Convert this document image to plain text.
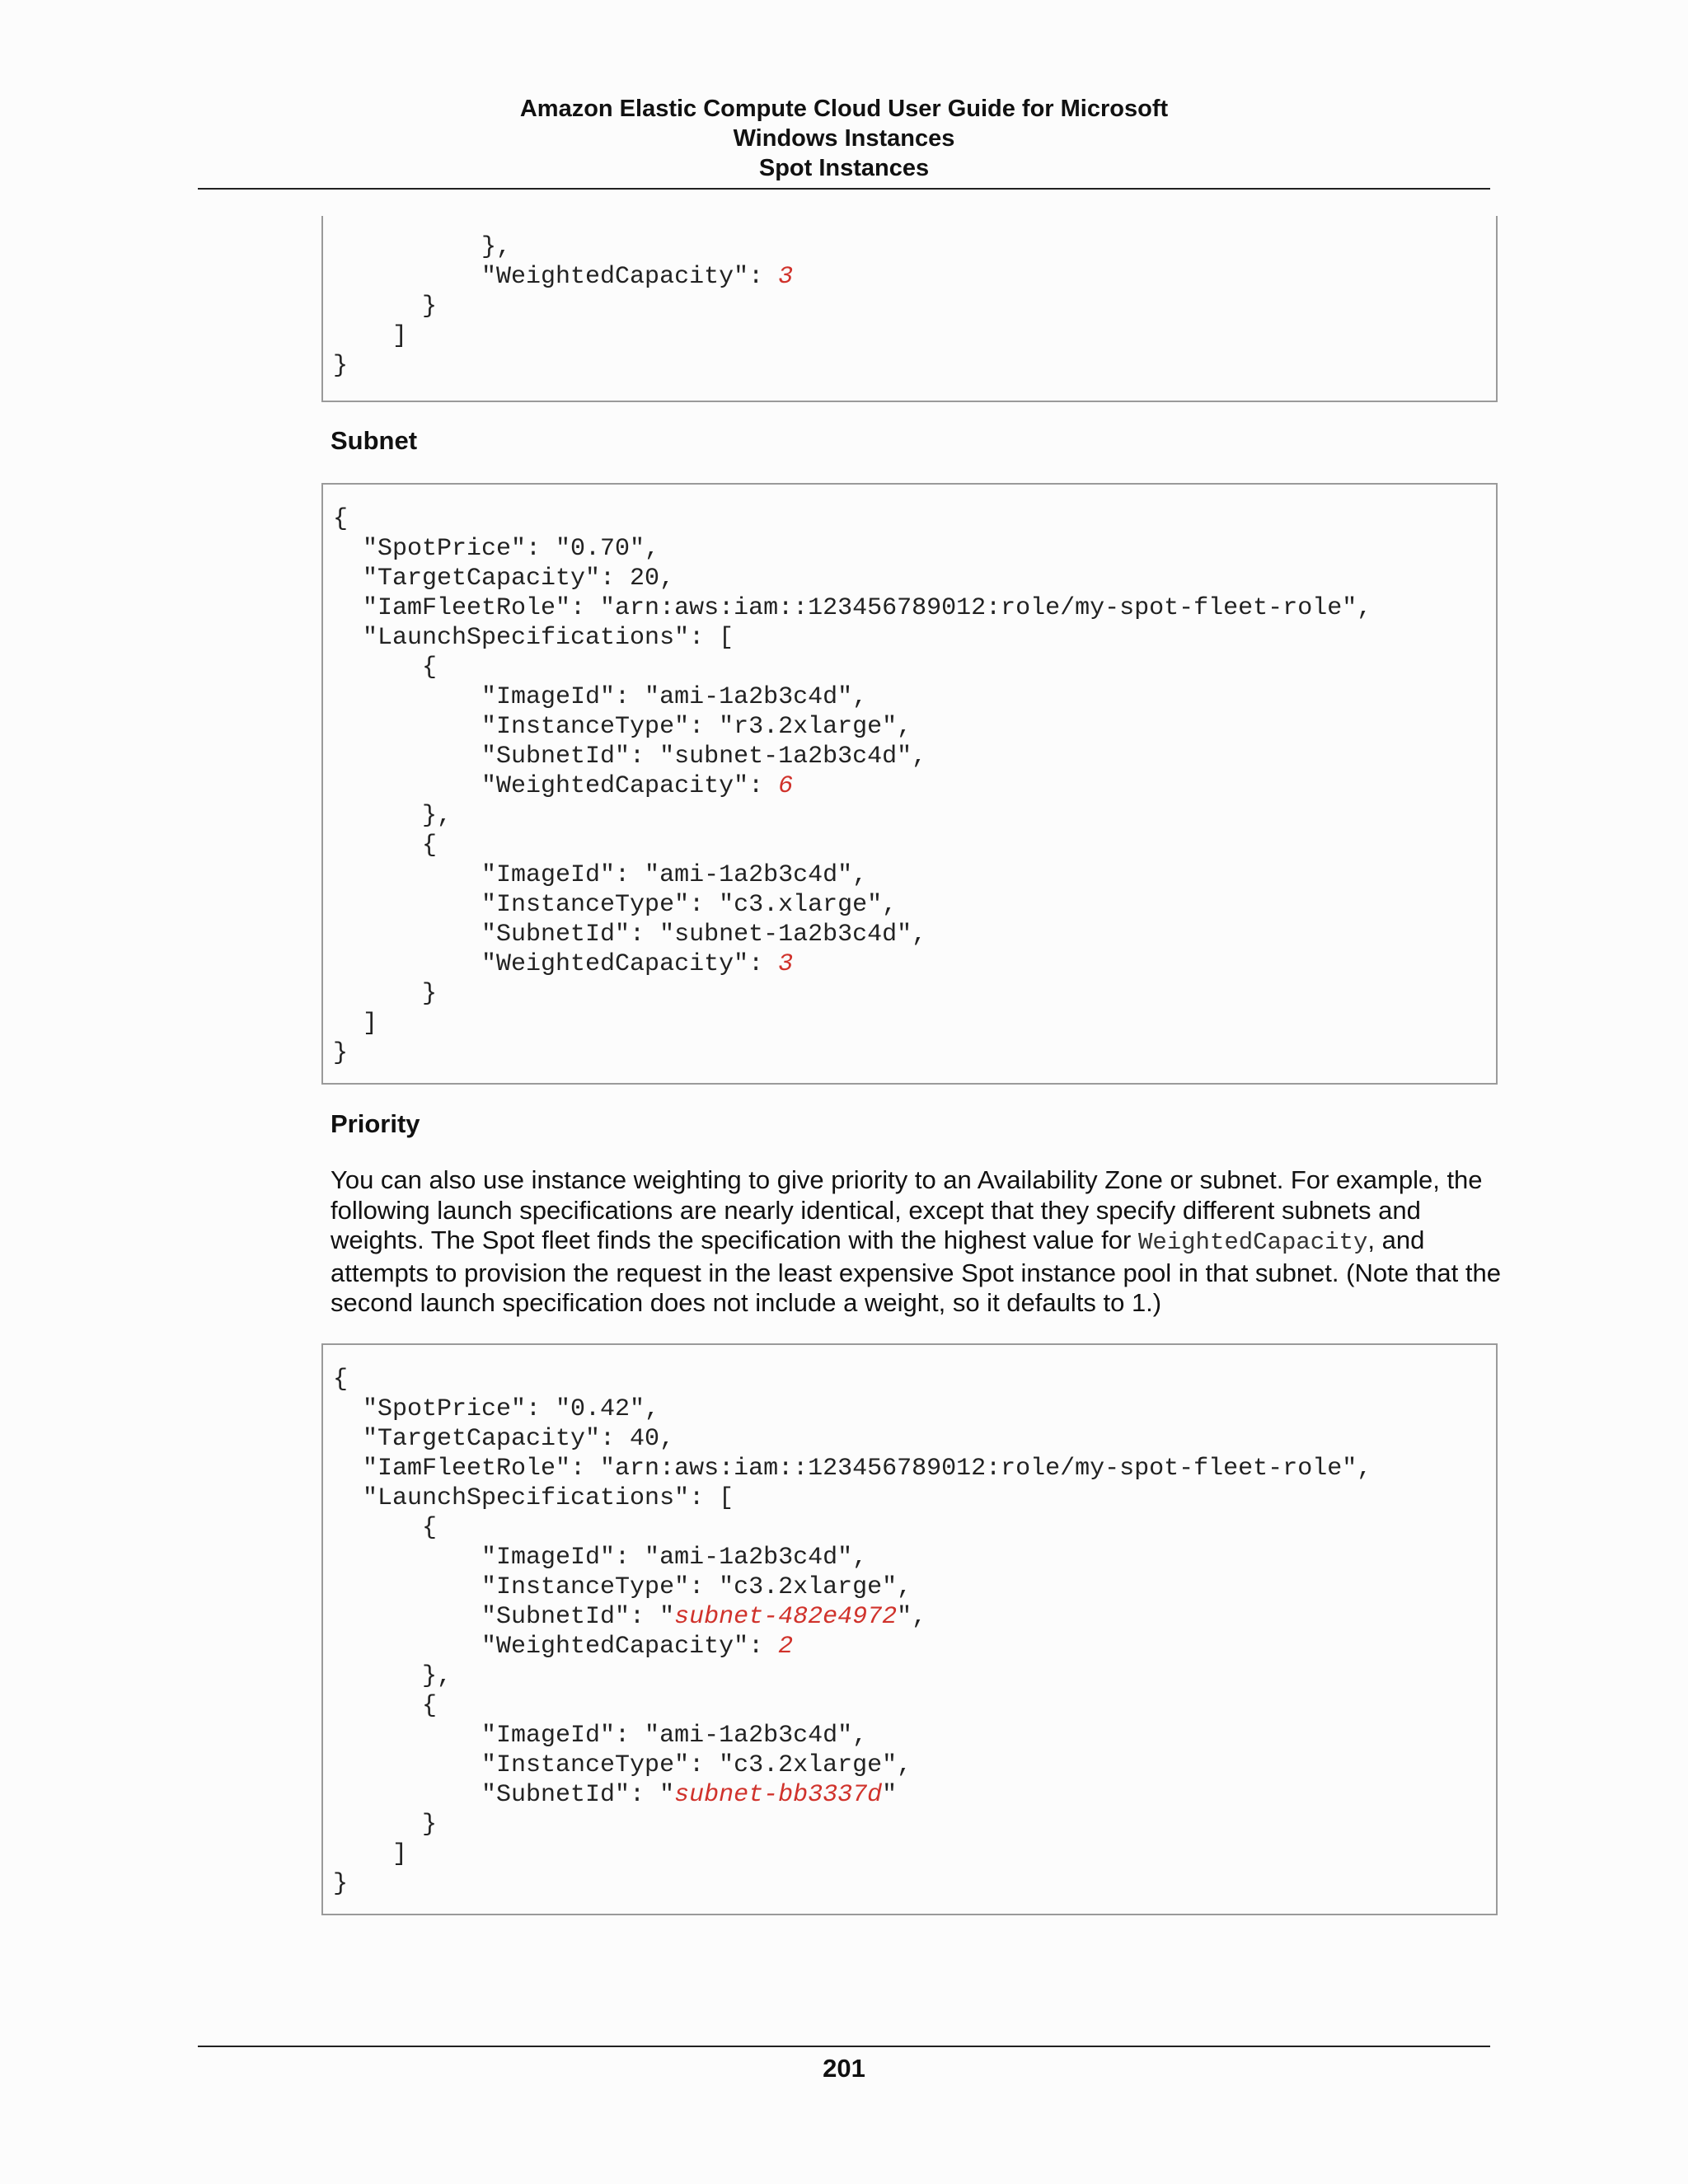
Amazon Elastic Compute Cloud User Guide for Microsoft
Windows Instances
Spot Instances
},
"WeightedCapacity": 3
}
]
}
Subnet
{
"SpotPrice": "0.70",
"TargetCapacity": 20,
"IamFleetRole": "arn:aws:iam::123456789012:role/my-spot-fleet-role",
"LaunchSpecifications": [
{
"ImageId": "ami-1a2b3c4d",
"InstanceType": "r3.2xlarge",
"SubnetId": "subnet-1a2b3c4d",
"WeightedCapacity": 6
},
{
"ImageId": "ami-1a2b3c4d",
"InstanceType": "c3.xlarge",
"SubnetId": "subnet-1a2b3c4d",
"WeightedCapacity": 3
}
]
}
Priority
You can also use instance weighting to give priority to an Availability Zone or subnet. For example, the following launch specifications are nearly identical, except that they specify different subnets and weights. The Spot fleet finds the specification with the highest value for WeightedCapacity, and attempts to provision the request in the least expensive Spot instance pool in that subnet. (Note that the second launch specification does not include a weight, so it defaults to 1.)
{
"SpotPrice": "0.42",
"TargetCapacity": 40,
"IamFleetRole": "arn:aws:iam::123456789012:role/my-spot-fleet-role",
"LaunchSpecifications": [
{
"ImageId": "ami-1a2b3c4d",
"InstanceType": "c3.2xlarge",
"SubnetId": "subnet-482e4972",
"WeightedCapacity": 2
},
{
"ImageId": "ami-1a2b3c4d",
"InstanceType": "c3.2xlarge",
"SubnetId": "subnet-bb3337d"
}
]
}
201
